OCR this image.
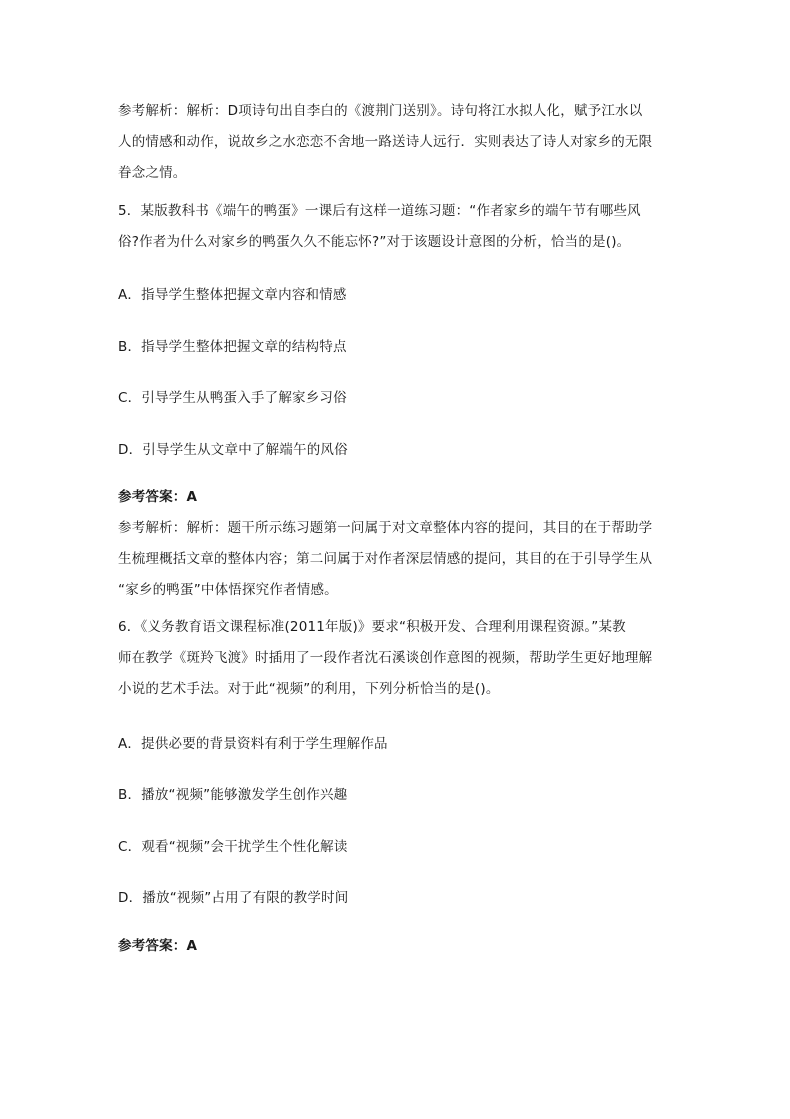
参考解析：解析：D项诗句出自李白的《渡荆门送别》。诗句将江水拟人化，赋予江水以
人的情感和动作，说故乡之水恋恋不舍地一路送诗人远行．实则表达了诗人对家乡的无限
眷念之情。
5．某版教科书《端午的鸭蛋》一课后有这样一道练习题：“作者家乡的端午节有哪些风
俗?作者为什么对家乡的鸭蛋久久不能忘怀?”对于该题设计意图的分析，恰当的是()。
A．指导学生整体把握文章内容和情感
B．指导学生整体把握文章的结构特点
C．引导学生从鸭蛋入手了解家乡习俗
D．引导学生从文章中了解端午的风俗
参考答案：A
参考解析：解析：题干所示练习题第一问属于对文章整体内容的提问，其目的在于帮助学
生梳理概括文章的整体内容；第二问属于对作者深层情感的提问，其目的在于引导学生从
“家乡的鸭蛋”中体悟探究作者情感。
6．《义务教育语文课程标准(2011年版)》要求“积极开发、合理利用课程资源。”某教
师在教学《斑羚飞渡》时插用了一段作者沈石溪谈创作意图的视频，帮助学生更好地理解
小说的艺术手法。对于此“视频”的利用，下列分析恰当的是()。
A．提供必要的背景资料有利于学生理解作品
B．播放“视频”能够激发学生创作兴趣
C．观看“视频”会干扰学生个性化解读
D．播放“视频”占用了有限的教学时间
参考答案：A
